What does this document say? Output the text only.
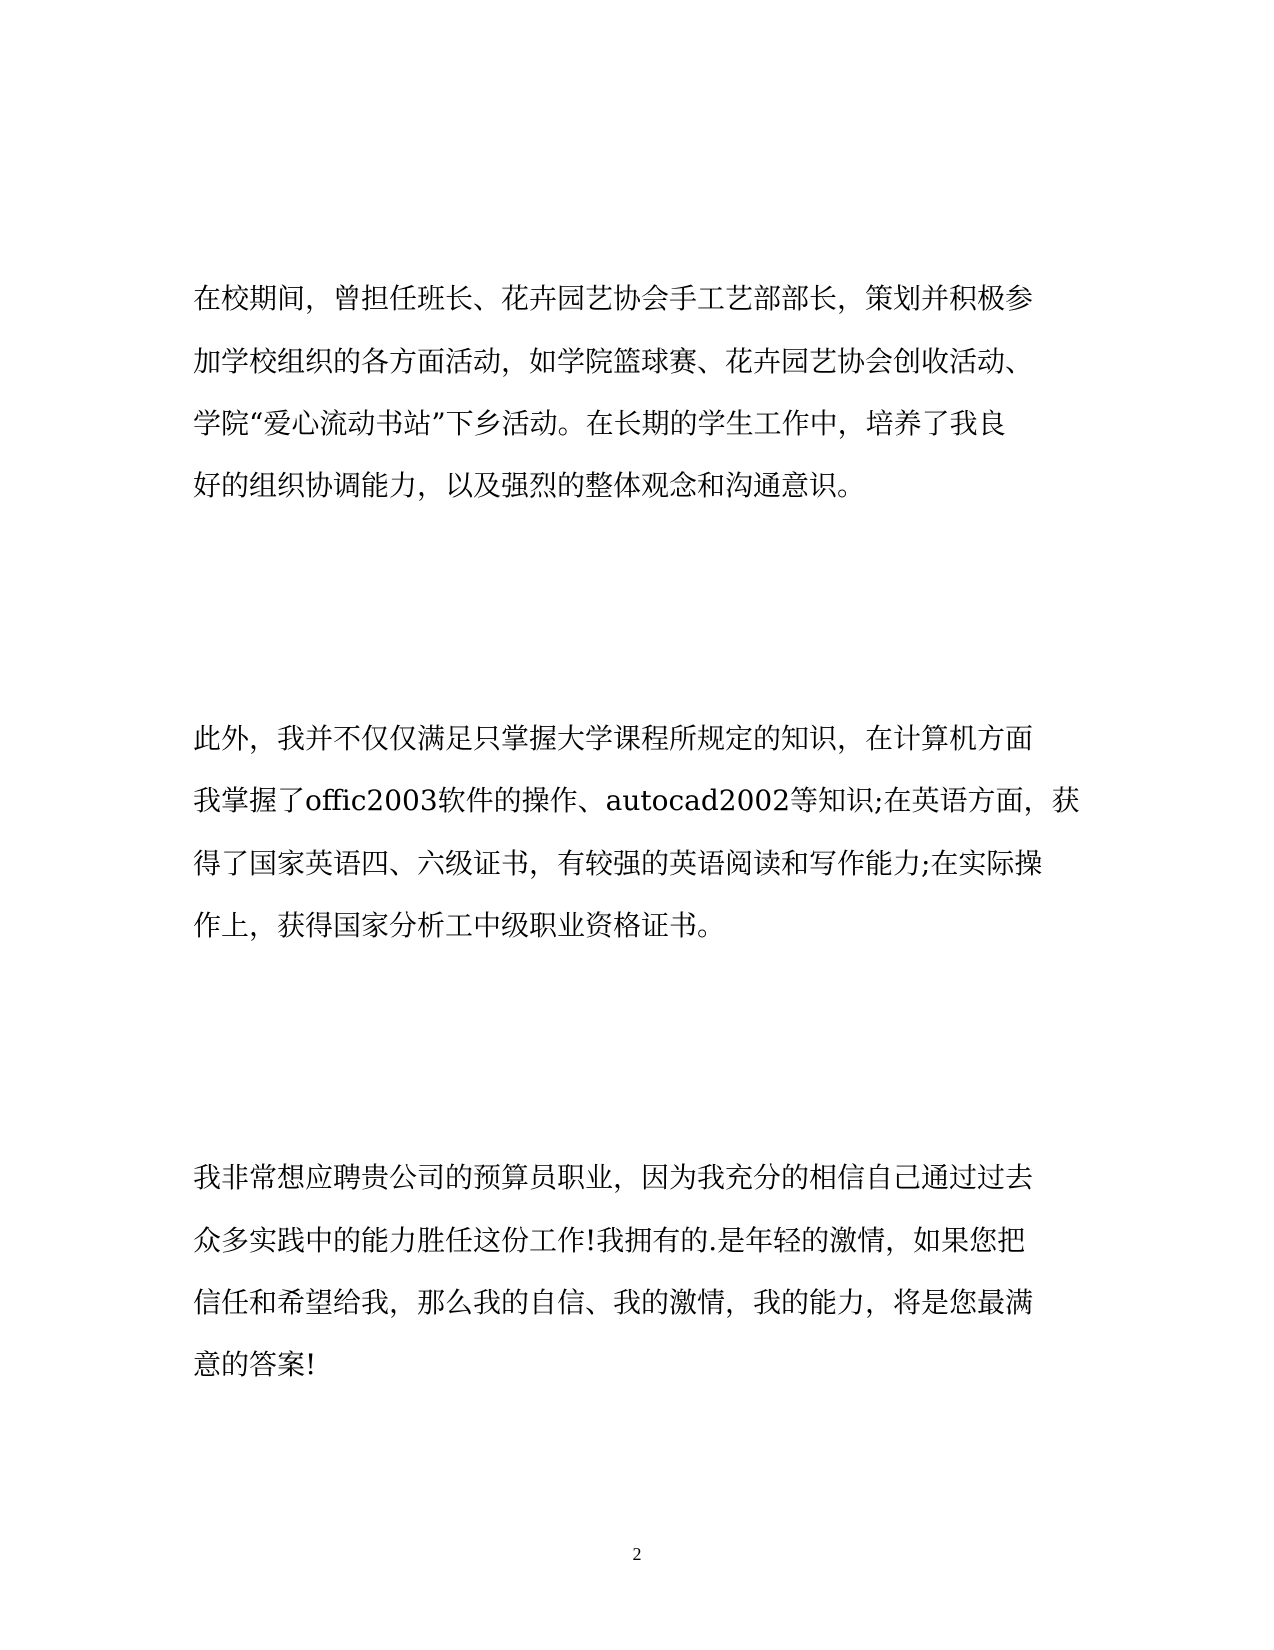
在校期间，曾担任班长、花卉园艺协会手工艺部部长，策划并积极参

加学校组织的各方面活动，如学院篮球赛、花卉园艺协会创收活动、

学院“爱心流动书站”下乡活动。在长期的学生工作中，培养了我良

好的组织协调能力，以及强烈的整体观念和沟通意识。

此外，我并不仅仅满足只掌握大学课程所规定的知识，在计算机方面

我掌握了offic2003软件的操作、autocad2002等知识;在英语方面，获

得了国家英语四、六级证书，有较强的英语阅读和写作能力;在实际操

作上，获得国家分析工中级职业资格证书。

我非常想应聘贵公司的预算员职业，因为我充分的相信自己通过过去

众多实践中的能力胜任这份工作!我拥有的.是年轻的激情，如果您把

信任和希望给我，那么我的自信、我的激情，我的能力，将是您最满

意的答案!

2
